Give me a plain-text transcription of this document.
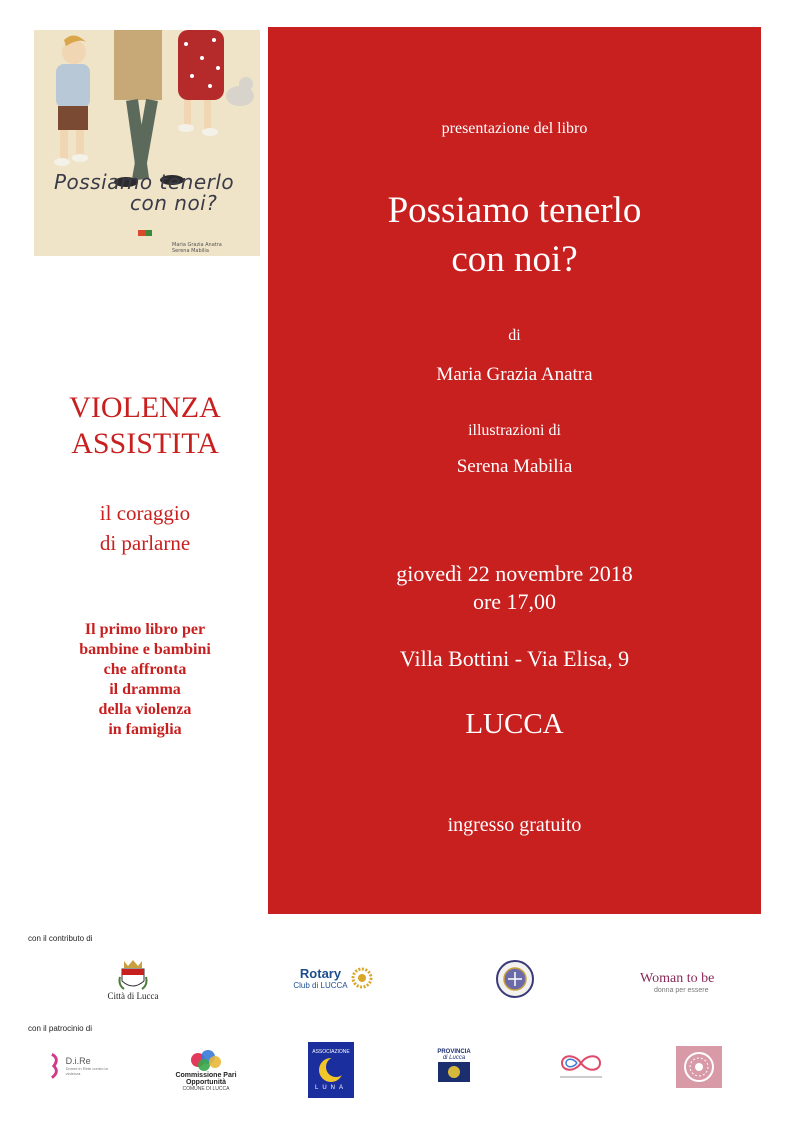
Possiamo tenerlo
con noi?
Maria Grazia Anatra
Serena Mabilia
presentazione del libro
Possiamo tenerlo
con noi?
di
Maria Grazia Anatra
illustrazioni di
Serena Mabilia
giovedì 22 novembre 2018
ore 17,00
Villa Bottini - Via Elisa, 9
LUCCA
ingresso gratuito
VIOLENZA
ASSISTITA
il coraggio
di parlarne
Il primo libro per
bambine e bambini
che affronta
il dramma
della violenza
in famiglia
con il contributo di
con il patrocinio di
Città di Lucca
Rotary
Club di LUCCA	Woman to be
donna per essere
D.i.Re
Donne in Rete contro la violenza	Commissione Pari
Opportunità
COMUNE DI LUCCA
ASSOCIAZIONE
LUNA
PROVINCIA
di Lucca
